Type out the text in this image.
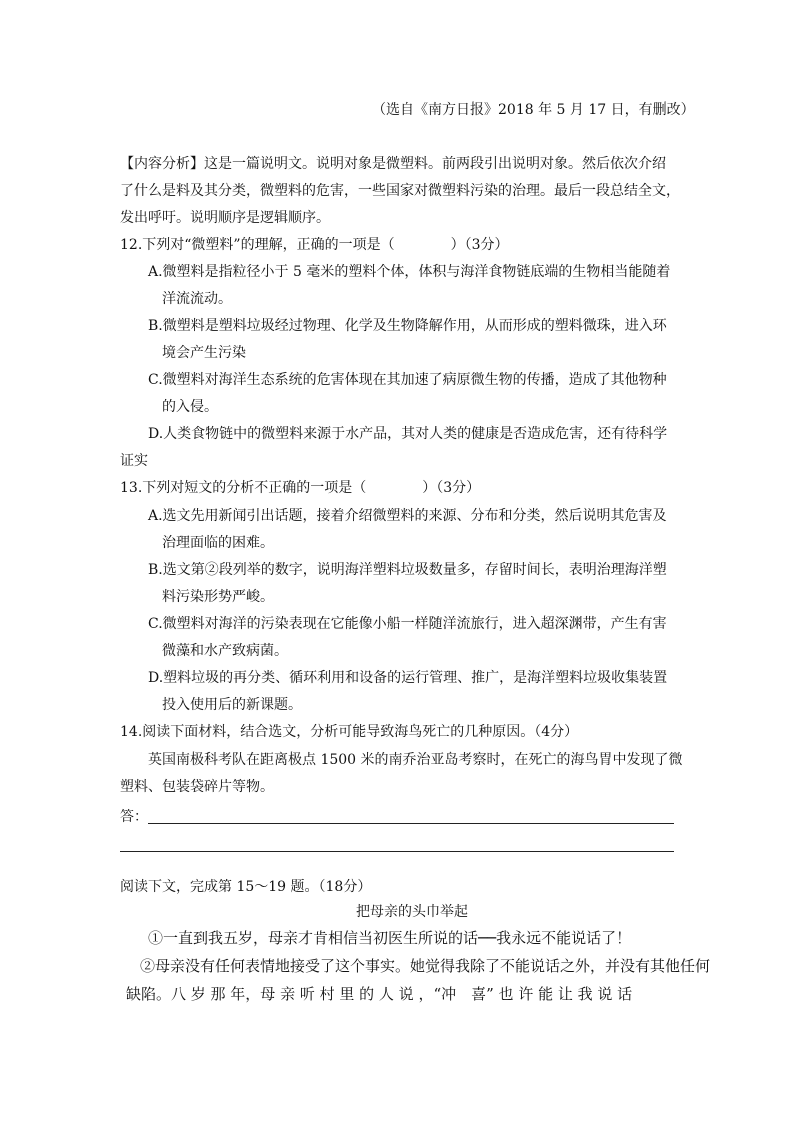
（选自《南方日报》2018 年 5 月 17 日，有删改）
【内容分析】这是一篇说明文。说明对象是微塑料。前两段引出说明对象。然后依次介绍
了什么是料及其分类，微塑料的危害，一些国家对微塑料污染的治理。最后一段总结全文，
发出呼吁。说明顺序是逻辑顺序。
12.下列对“微塑料”的理解，正确的一项是（　　　　）（3分）
A.微塑料是指粒径小于 5 毫米的塑料个体，体积与海洋食物链底端的生物相当能随着
洋流流动。
B.微塑料是塑料垃圾经过物理、化学及生物降解作用，从而形成的塑料微珠，进入环
境会产生污染
C.微塑料对海洋生态系统的危害体现在其加速了病原微生物的传播，造成了其他物种
的入侵。
D.人类食物链中的微塑料来源于水产品，其对人类的健康是否造成危害，还有待科学
证实
13.下列对短文的分析不正确的一项是（　　　　）（3分）
A.选文先用新闻引出话题，接着介绍微塑料的来源、分布和分类，然后说明其危害及
治理面临的困难。
B.选文第②段列举的数字，说明海洋塑料垃圾数量多，存留时间长，表明治理海洋塑
料污染形势严峻。
C.微塑料对海洋的污染表现在它能像小船一样随洋流旅行，进入超深渊带，产生有害
微藻和水产致病菌。
D.塑料垃圾的再分类、循环利用和设备的运行管理、推广，是海洋塑料垃圾收集装置
投入使用后的新课题。
14.阅读下面材料，结合选文，分析可能导致海鸟死亡的几种原因。（4分）
英国南极科考队在距离极点 1500 米的南乔治亚岛考察时，在死亡的海鸟胃中发现了微
塑料、包装袋碎片等物。
答：
阅读下文，完成第 15～19 题。（18分）
把母亲的头巾举起
①一直到我五岁，母亲才肯相信当初医生所说的话──我永远不能说话了！
②母亲没有任何表情地接受了这个事实。她觉得我除了不能说话之外，并没有其他任何
缺陷。八 岁 那 年，母 亲 听 村 里 的 人 说 ，“冲　喜” 也 许 能 让 我 说 话
